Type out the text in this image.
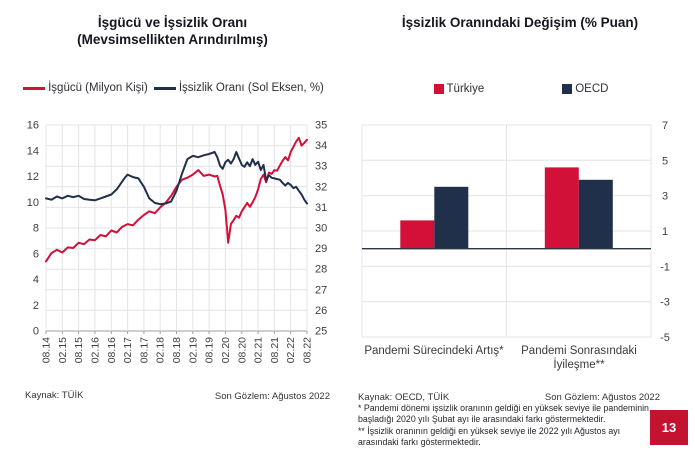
İşgücü ve İşsizlik Oranı
(Mevsimsellikten Arındırılmış)
İşsizlik Oranındaki Değişim (% Puan)
İşgücü (Milyon Kişi)	İşsizlik Oranı (Sol Eksen, %)	Türkiye	OECD
08.14 02.15 08.15 02.16 08.16 02.17 08.17 02.18 08.18 02.19 08.19 02.20 08.20 02.21 08.21 02.22 08.22
0
2
4
6
8
10
12
14
16
25
26
27
28
29
30
31
32
33
34
35	7
5
3
1
-1
-3
-5
Pandemi Sürecindeki Artış*	Pandemi Sonrasındaki İyileşme**
Kaynak: TÜİK	Son Gözlem: Ağustos 2022	Kaynak: OECD, TÜİK	Son Gözlem: Ağustos 2022

* Pandemi dönemi işsizlik oranının geldiği en yüksek seviye ile pandeminin başladığı 2020 yılı Şubat ayı ile arasındaki farkı göstermektedir.

** İşsizlik oranının geldiği en yüksek seviye ile 2022 yılı Ağustos ayı arasındaki farkı göstermektedir.

13
